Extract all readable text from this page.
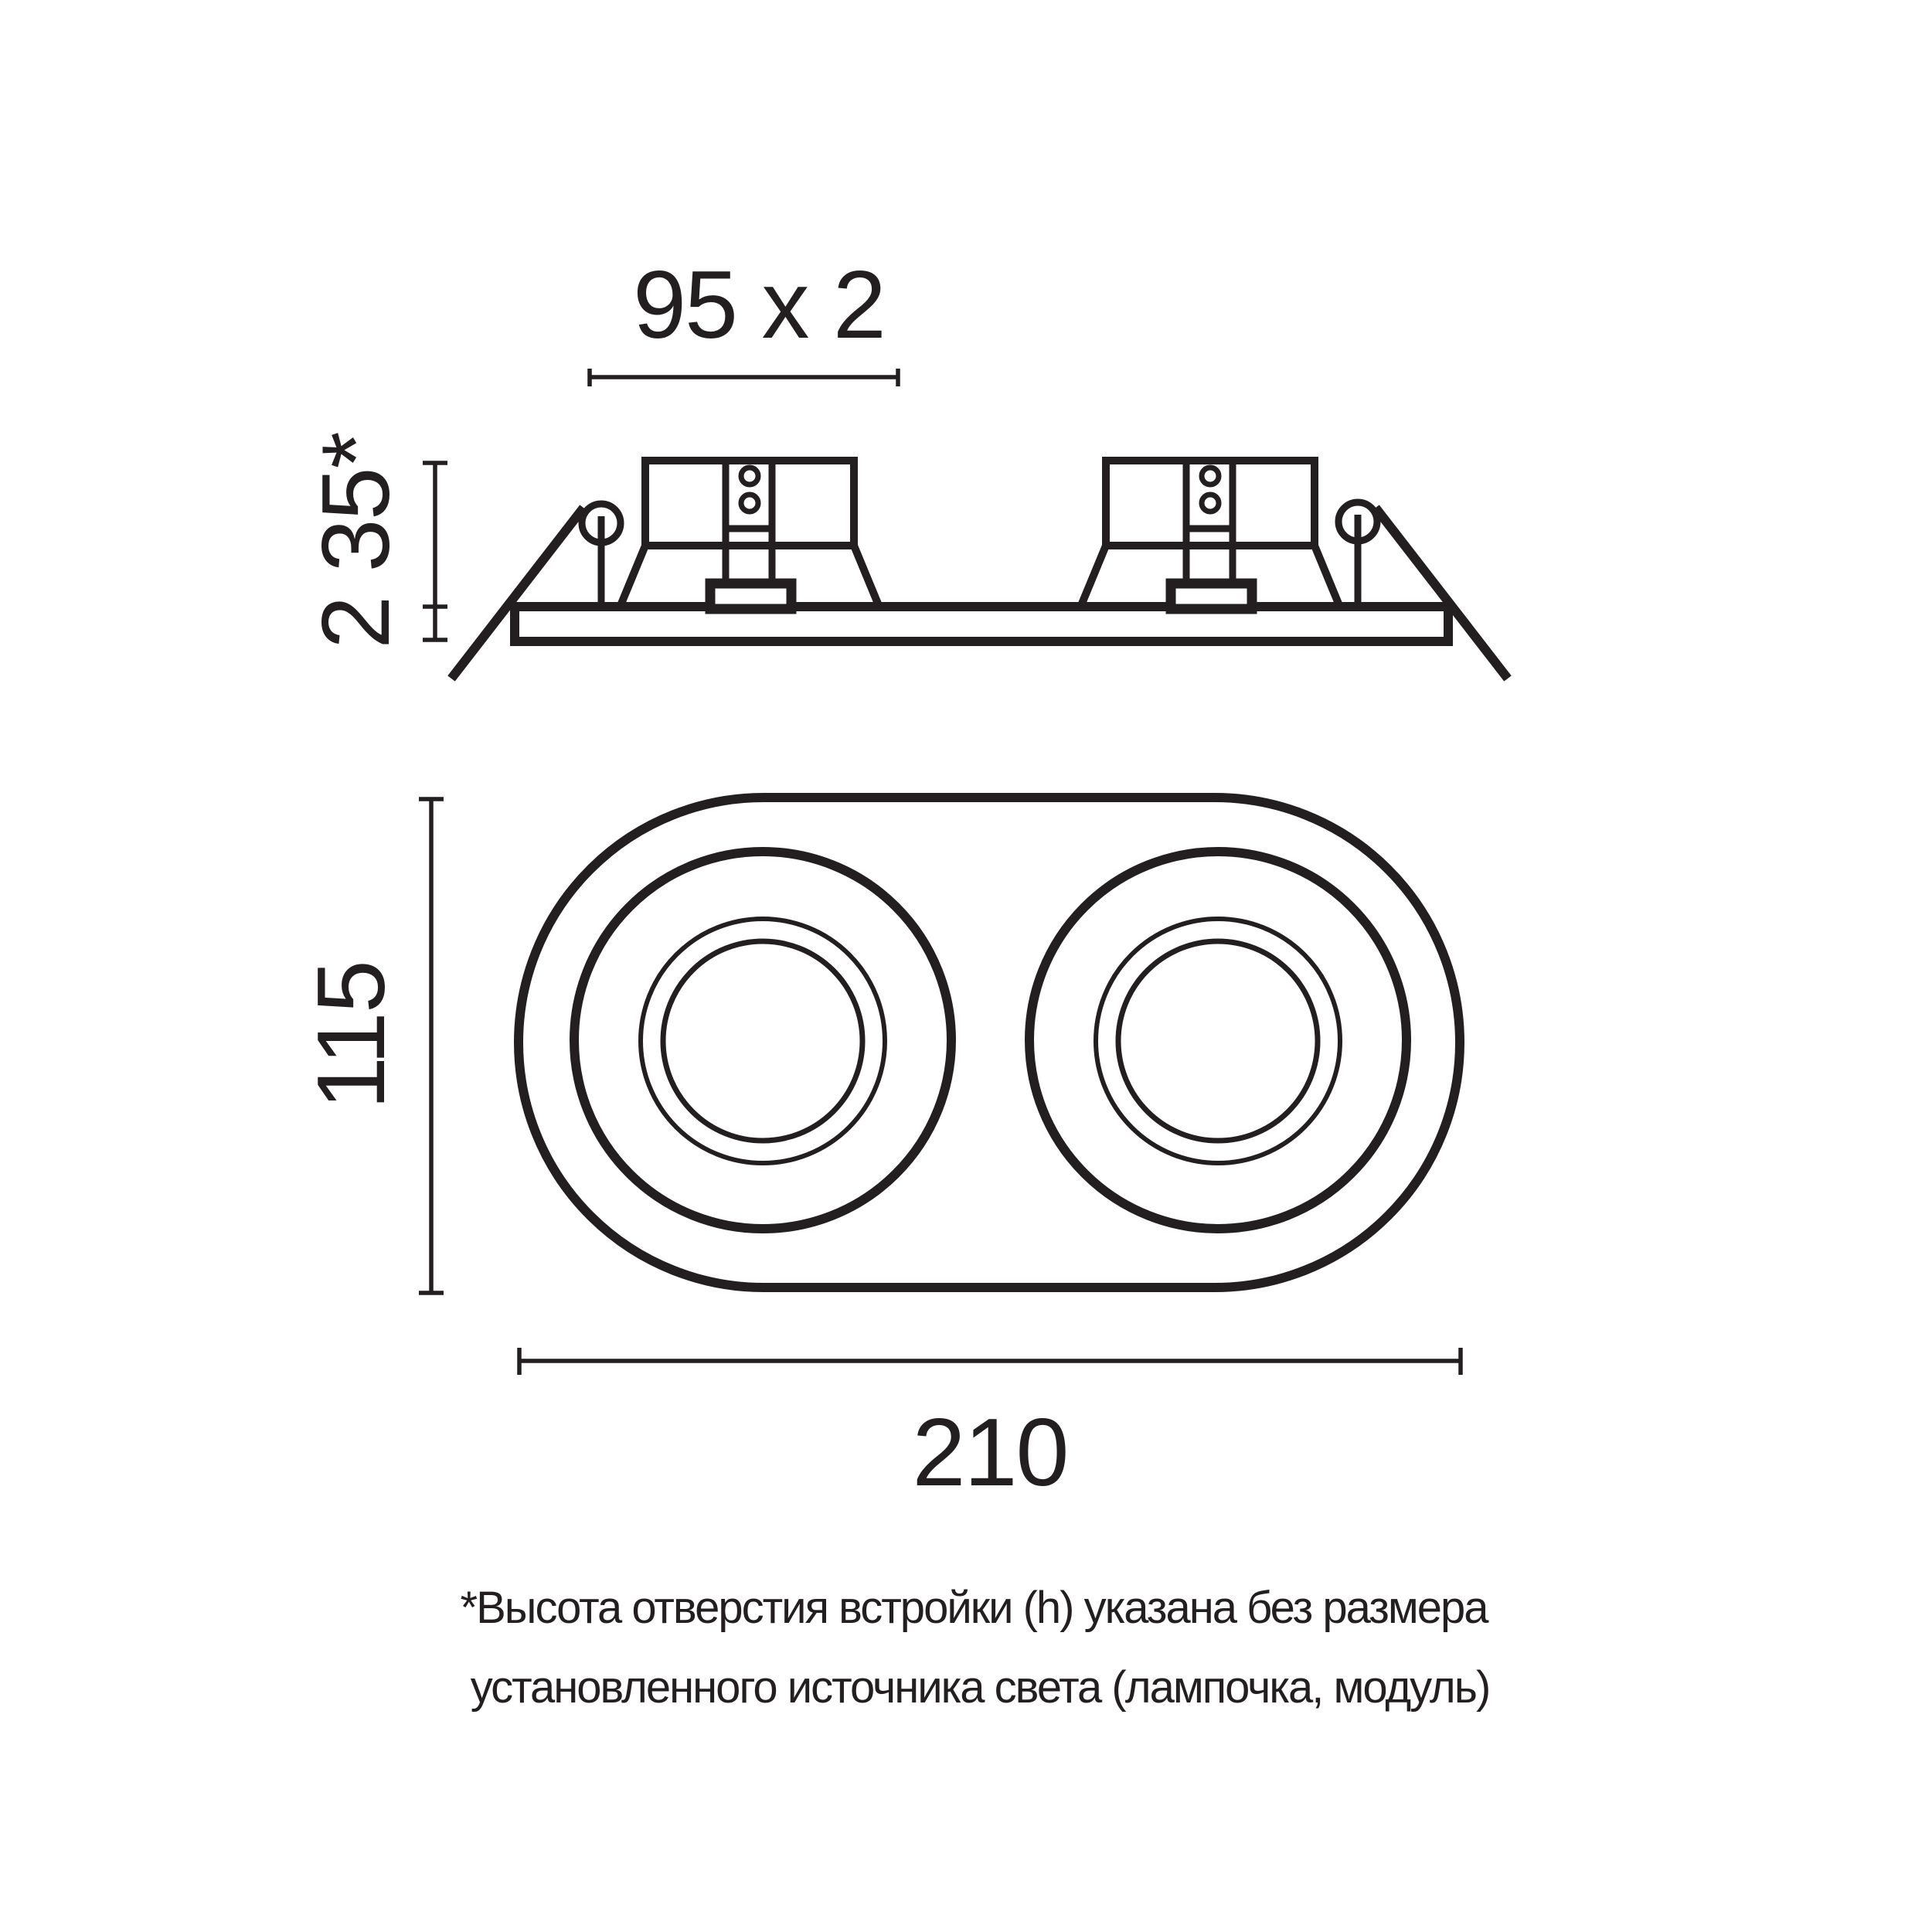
95 x 2
2 35*
115
210
*Высота отверстия встройки (h) указана без размера
установленного источника света (лампочка, модуль)
